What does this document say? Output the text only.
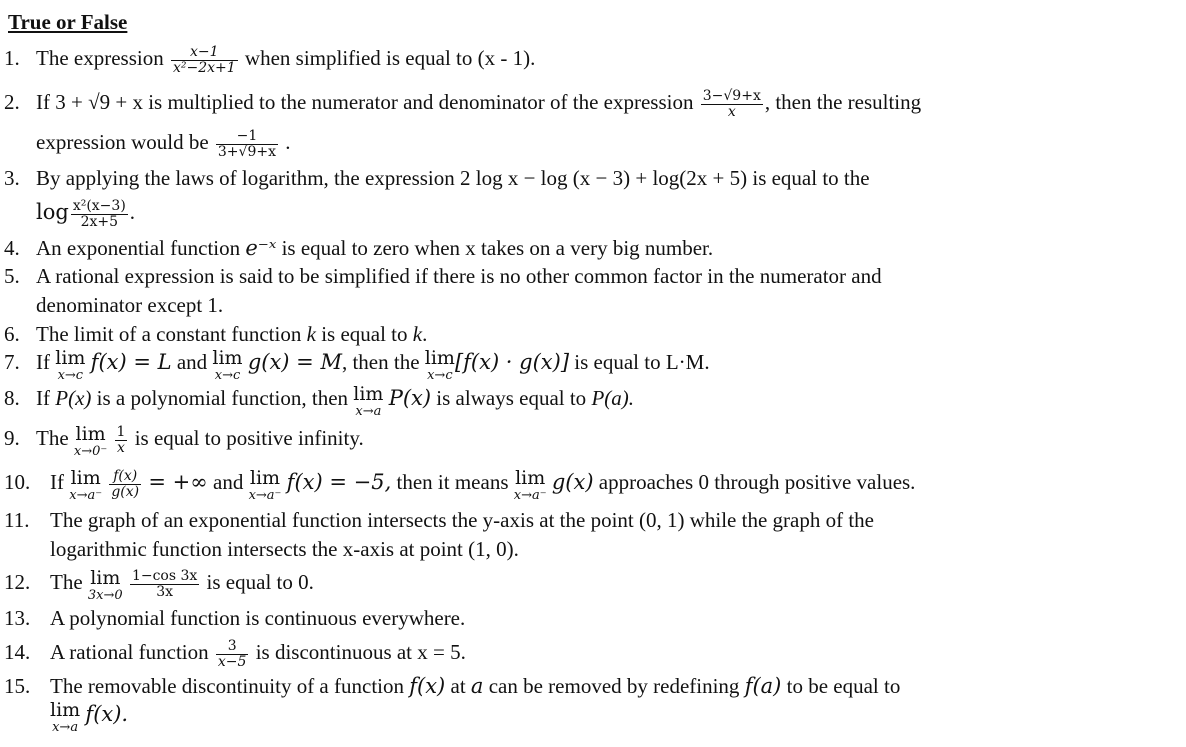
True or False
1. The expression $\frac{x-1}{\text{x²−2x+1}}$ when simplified is equal to (x - 1).
2. If 3 + √9 + x is multiplied to the numerator and denominator of the expression $\frac{3-√9+x}{x}$ , then the resulting
expression would be $\frac{-1}{3+√9+x}$ .
3. By applying the laws of logarithm, the expression 2 log x − log (x − 3) + log(2x + 5) is equal to the
$\log \frac{\text{x²(x−3)}}{2x+5}$ .
4. An exponential function e⁻ˣ is equal to zero when x takes on a very big number.
5. A rational expression is said to be simplified if there is no other common factor in the numerator and
denominator except 1.
6. The limit of a constant function k is equal to k.
7. If lim
x→c
f(x) = L and lim
x→c
g(x) = M, then the lim
x→c
[f(x) · g(x)] is equal to L·M.
8. If P(x) is a polynomial function, then lim
x→a
P(x) is always equal to P(a).
9. The lim
x→0⁻
$\frac{1}{x}$ is equal to positive infinity.
10. If lim
x→a⁻
$\frac{f(x)}{g(x)}$ = +∞ and lim
x→a⁻
f(x) = −5, then it means lim
x→a⁻
g(x) approaches 0 through positive values.
11. The graph of an exponential function intersects the y-axis at the point (0, 1) while the graph of the
logarithmic function intersects the x-axis at point (1, 0).
12. The lim
3x→0
$\frac{1-\cos 3x}{3x}$ is equal to 0.
13. A polynomial function is continuous everywhere.
14. A rational function $\frac{3}{x-5}$ is discontinuous at x = 5.
15. The removable discontinuity of a function f(x) at a can be removed by redefining f(a) to be equal to
lim
x→a
f(x).
